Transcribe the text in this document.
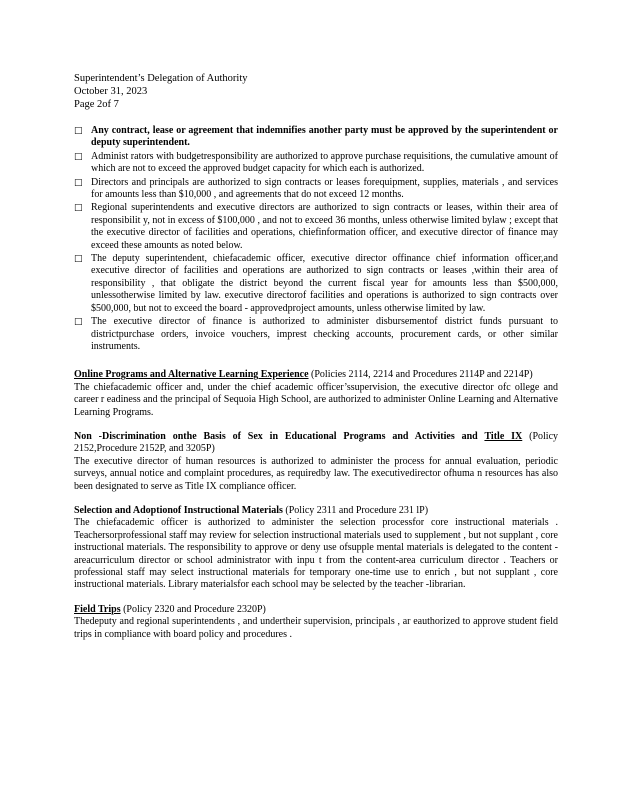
Superintendent’s Delegation of Authority
October 31, 2023
Page 2of 7
□ Any contract, lease or agreement that indemnifies another party must be approved by the superintendent or deputy superintendent.
□ Administ rators with budgetresponsibility are authorized to approve purchase requisitions, the cumulative amount of which are not to exceed the approved budget capacity for which each is authorized.
□ Directors and principals are authorized to sign contracts or leases forequipment, supplies, materials , and services for amounts less than $10,000 , and agreements that do not exceed 12 months.
□ Regional superintendents and executive directors are authorized to sign contracts or leases, within their area of responsibilit y, not in excess of $100,000 , and not to exceed 36 months, unless otherwise limited bylaw ; except that the executive director of facilities and operations, chiefinformation officer, and executive director of finance may exceed these amounts as noted below.
□ The deputy superintendent, chiefacademic officer, executive director offinance chief information officer,and executive director of facilities and operations are authorized to sign contracts or leases ,within their area of responsibility , that obligate the district beyond the current fiscal year for amounts less than $500,000, unlessotherwise limited by law. executive directorof facilities and operations is authorized to sign contracts over $500,000, but not to exceed the board - approvedproject amounts, unless otherwise limited by law.
□ The executive director of finance is authorized to administer disbursementof district funds pursuant to districtpurchase orders, invoice vouchers, imprest checking accounts, procurement cards, or other similar instruments.
Online Programs and Alternative Learning Experience (Policies 2114, 2214 and Procedures 2114P and 2214P)
The chiefacademic officer and, under the chief academic officer’ssupervision, the executive director ofc ollege and career r eadiness and the principal of Sequoia High School, are authorized to administer Online Learning and Alternative Learning Programs.
Non -Discrimination onthe Basis of Sex in Educational Programs and Activities and Title IX (Policy 2152,Procedure 2152P, and 3205P)
The executive director of human resources is authorized to administer the process for annual evaluation, periodic surveys, annual notice and complaint procedures, as requiredby law. The executivedirector ofhuma n resources has also been designated to serve as Title IX compliance officer.
Selection and Adoptionof Instructional Materials (Policy 2311 and Procedure 231 lP)
The chiefacademic officer is authorized to administer the selection processfor core instructional materials . Teachersorprofessional staff may review for selection instructional materials used to supplement , but not supplant , core instructional materials. The responsibility to approve or deny use ofsupple mental materials is delegated to the content -areacurriculum director or school administrator with inpu t from the content-area curriculum director . Teachers or professional staff may select instructional materials for temporary one-time use to enrich , but not supplant , core instructional materials. Library materialsfor each school may be selected by the teacher -librarian.
Field Trips (Policy 2320 and Procedure 2320P)
Thedeputy and regional superintendents , and undertheir supervision, principals , ar eauthorized to approve student field trips in compliance with board policy and procedures .
